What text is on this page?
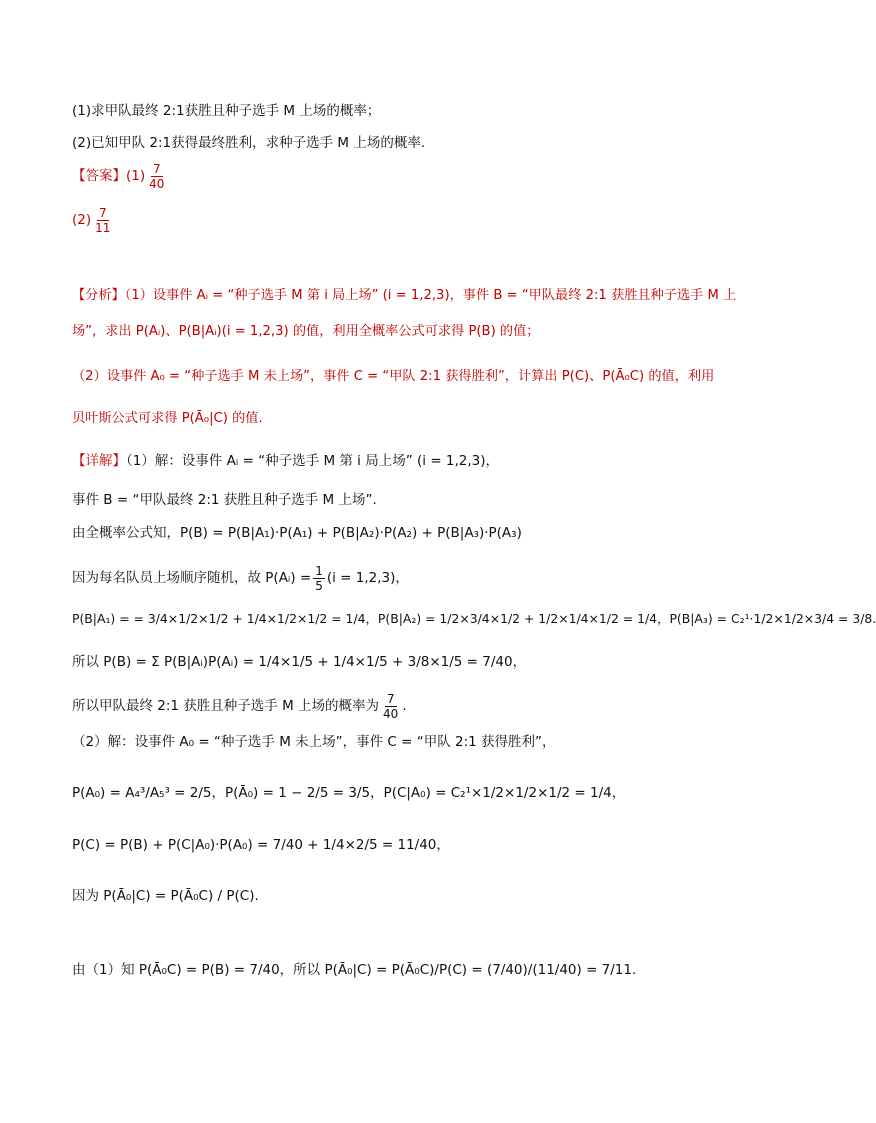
(1)求甲队最终 2:1获胜且种子选手 M 上场的概率；
(2)已知甲队 2:1获得最终胜利，求种子选手 M 上场的概率.
【答案】 $(1) \frac{7}{40}$
$(2) \frac{7}{11}$
【分析】（1）设事件 Aᵢ = “种子选手 M 第 i 局上场” (i = 1,2,3)，事件 B = “甲队最终 2:1 获胜且种子选手 M 上
场”，求出 P(Aᵢ)、P(B|Aᵢ)(i = 1,2,3) 的值，利用全概率公式可求得 P(B) 的值；
（2）设事件 A₀ = “种子选手 M 未上场”，事件 C = “甲队 2:1 获得胜利”，计算出 P(C)、P(Ā₀C) 的值，利用
贝叶斯公式可求得 P(Ā₀|C) 的值.
【详解】（1）解：设事件 Aᵢ = “种子选手 M 第 i 局上场” (i = 1,2,3)，
事件 B = “甲队最终 2:1 获胜且种子选手 M 上场”.
由全概率公式知，P(B) = P(B|A₁)·P(A₁) + P(B|A₂)·P(A₂) + P(B|A₃)·P(A₃)
因为每名队员上场顺序随机，故 P(Aᵢ) = $\frac{1}{5} (i = 1,2,3)$，
P(B|A₁) = = 3/4×1/2×1/2 + 1/4×1/2×1/2 = 1/4，P(B|A₂) = 1/2×3/4×1/2 + 1/2×1/4×1/2 = 1/4，P(B|A₃) = C₂¹·1/2×1/2×3/4 = 3/8.
所以 P(B) = Σ P(B|Aᵢ)P(Aᵢ) = 1/4×1/5 + 1/4×1/5 + 3/8×1/5 = 7/40，
所以甲队最终 2:1 获胜且种子选手 M 上场的概率为 $\frac{7}{40}$ .
（2）解：设事件 A₀ = “种子选手 M 未上场”，事件 C = “甲队 2:1 获得胜利”，
P(A₀) = A₄³/A₅³ = 2/5，P(Ā₀) = 1 − 2/5 = 3/5，P(C|A₀) = C₂¹×1/2×1/2×1/2 = 1/4，
P(C) = P(B) + P(C|A₀)·P(A₀) = 7/40 + 1/4×2/5 = 11/40，
因为 P(Ā₀|C) = P(Ā₀C) / P(C).
由（1）知 P(Ā₀C) = P(B) = 7/40，所以 P(Ā₀|C) = P(Ā₀C)/P(C) = (7/40)/(11/40) = 7/11.
